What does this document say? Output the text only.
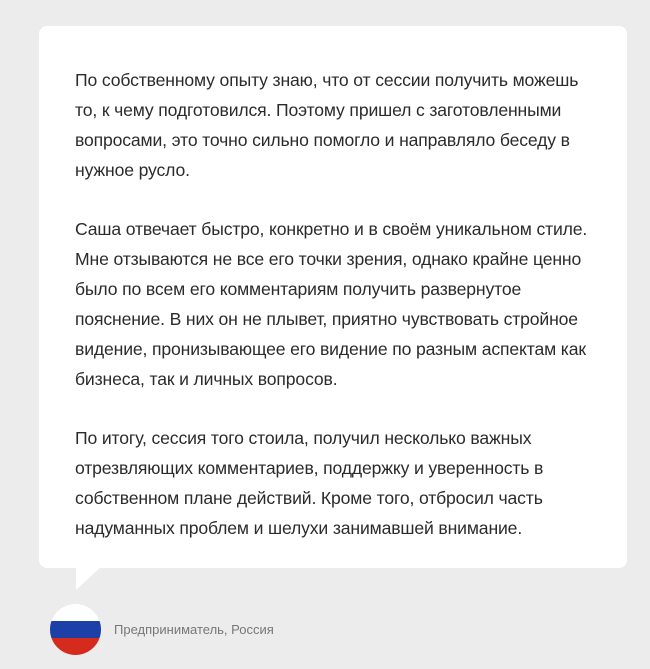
По собственному опыту знаю, что от сессии получить можешь то, к чему подготовился. Поэтому пришел с заготовленными вопросами, это точно сильно помогло и направляло беседу в нужное русло.

Саша отвечает быстро, конкретно и в своём уникальном стиле. Мне отзываются не все его точки зрения, однако крайне ценно было по всем его комментариям получить развернутое пояснение. В них он не плывет, приятно чувствовать стройное видение, пронизывающее его видение по разным аспектам как бизнеса, так и личных вопросов.

По итогу, сессия того стоила, получил несколько важных отрезвляющих комментариев, поддержку и уверенность в собственном плане действий. Кроме того, отбросил часть надуманных проблем и шелухи занимавшей внимание.

Предприниматель, Россия
